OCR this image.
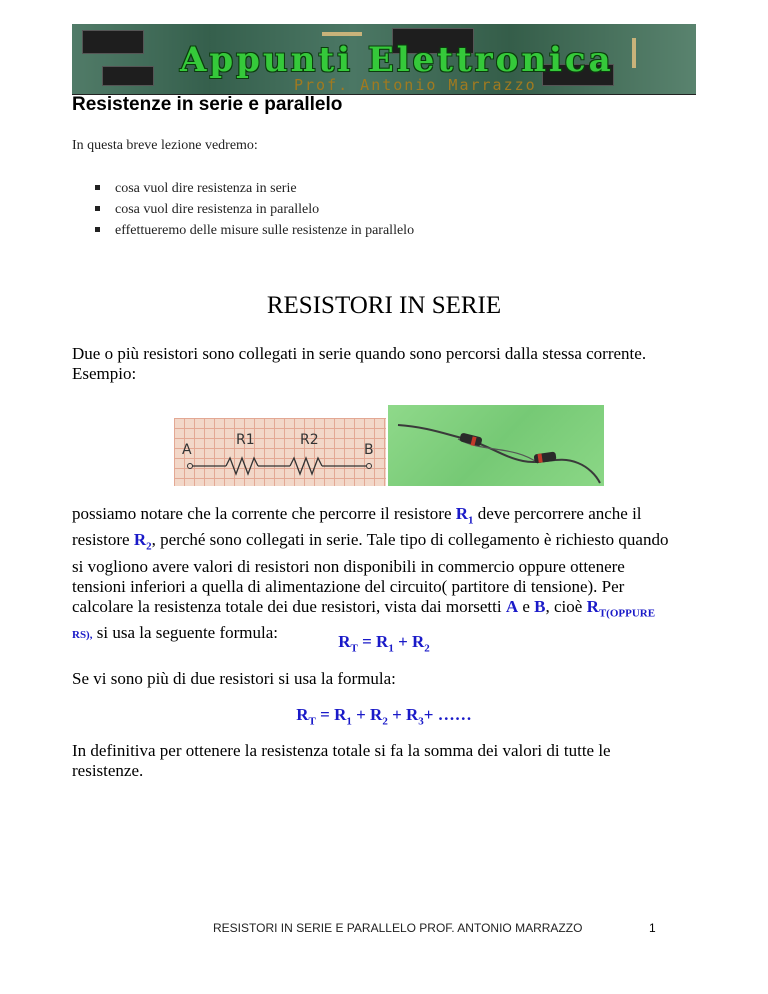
Appunti Elettronica
Prof. Antonio Marrazzo
Resistenze in serie e parallelo
In questa breve lezione vedremo:
cosa vuol dire resistenza in serie
cosa vuol dire resistenza in parallelo
effettueremo delle misure sulle resistenze in parallelo
RESISTORI IN SERIE
Due o più resistori sono collegati in serie quando sono percorsi dalla stessa corrente. Esempio:
A
R1	R2
B
possiamo notare che la corrente che percorre il resistore $R_1$ deve percorrere anche il
resistore $R_2$, perché sono collegati in serie. Tale tipo di collegamento è richiesto quando
si vogliono avere valori di resistori non disponibili in commercio oppure ottenere
tensioni inferiori a quella di alimentazione del circuito( partitore di tensione). Per
calcolare la resistenza totale dei due resistori, vista dai morsetti A e B, cioè $R_{T(OPPURE}$
RS), si usa la seguente formula:	$R_T = R_1 + R_2$
Se vi sono più di due resistori si usa la formula:
$R_T = R_1 + R_2 + R_3+$ ……
In definitiva per ottenere la resistenza totale si fa la somma dei valori di tutte le
resistenze.
RESISTORI IN SERIE E PARALLELO PROF. ANTONIO MARRAZZO	1
